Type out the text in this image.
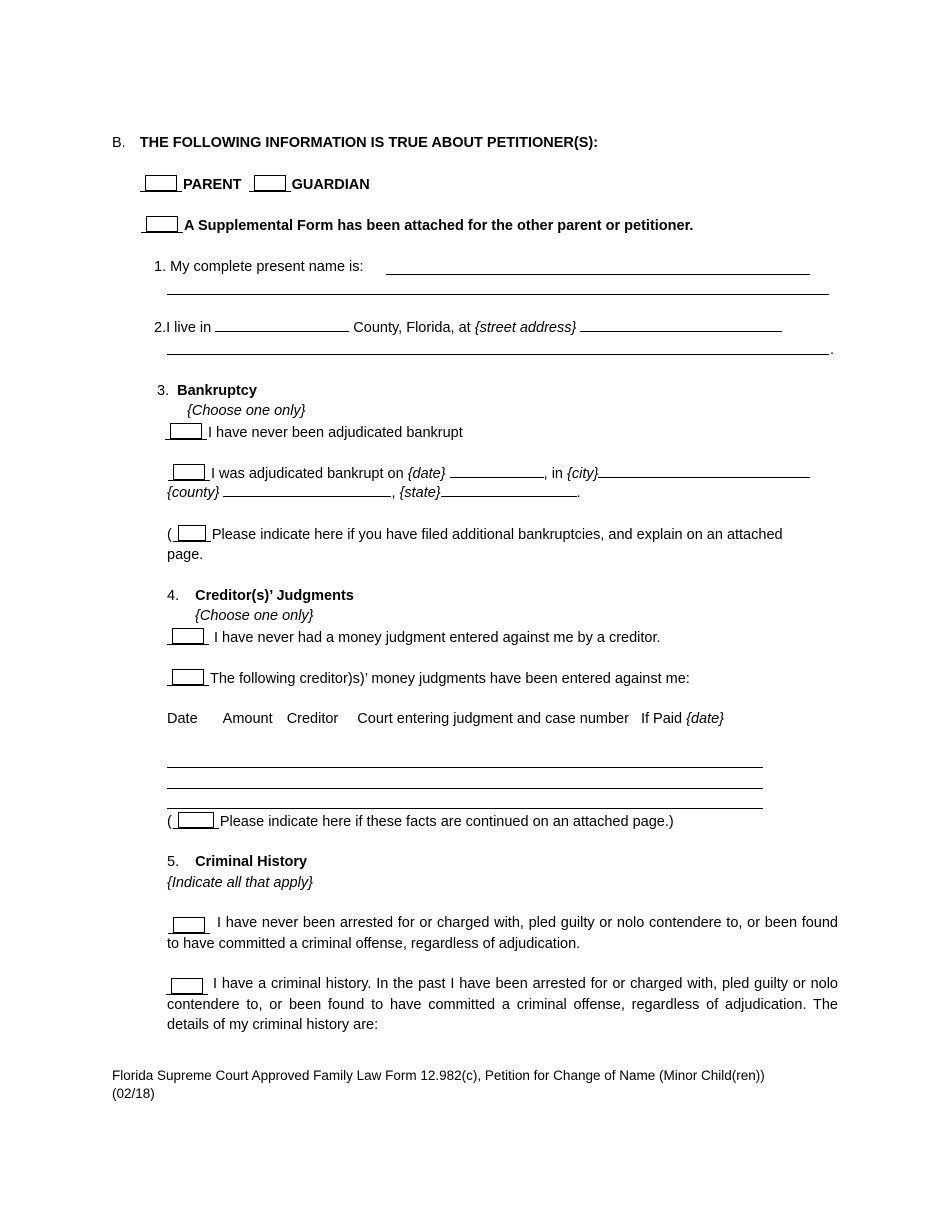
B. THE FOLLOWING INFORMATION IS TRUE ABOUT PETITIONER(S):
PARENT	GUARDIAN
A Supplemental Form has been attached for the other parent or petitioner.
1. My complete present name is:
2.I live in	County, Florida, at {street address}
.
3. Bankruptcy
{Choose one only}
I have never been adjudicated bankrupt
I was adjudicated bankrupt on {date}	, in {city}
{county}	, {state}	.
(	Please indicate here if you have filed additional bankruptcies, and explain on an attached
page.
4. Creditor(s)’ Judgments
{Choose one only}
I have never had a money judgment entered against me by a creditor.
The following creditor)s)’ money judgments have been entered against me:
Date Amount Creditor Court entering judgment and case number If Paid {date}
(	Please indicate here if these facts are continued on an attached page.)
5. Criminal History
{Indicate all that apply}
I have never been arrested for or charged with, pled guilty or nolo contendere to, or been found to have committed a criminal offense, regardless of adjudication.
I have a criminal history. In the past I have been arrested for or charged with, pled guilty or nolo contendere to, or been found to have committed a criminal offense, regardless of adjudication. The details of my criminal history are:
Florida Supreme Court Approved Family Law Form 12.982(c), Petition for Change of Name (Minor Child(ren))
(02/18)
